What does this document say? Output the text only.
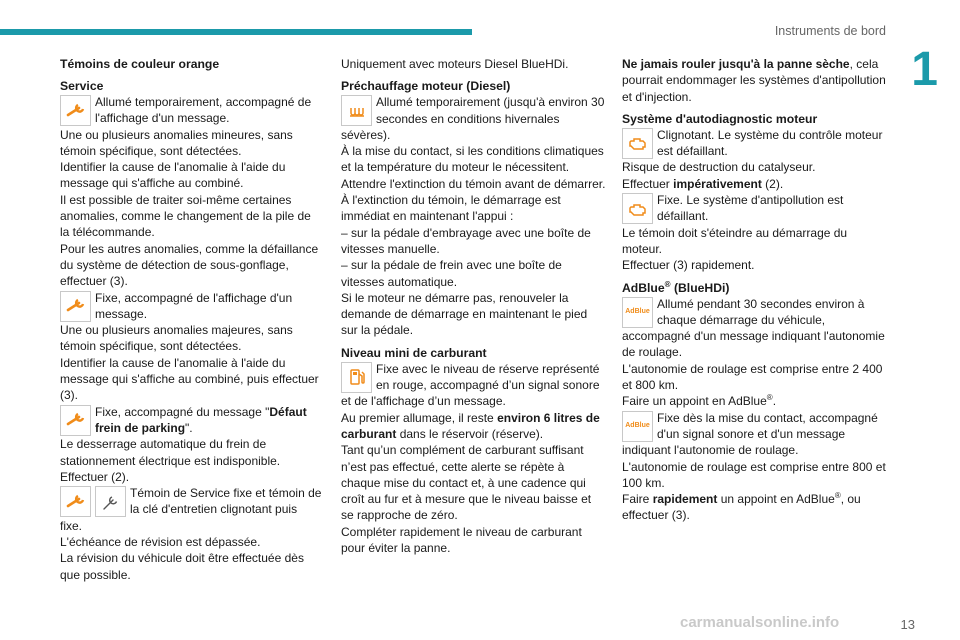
Instruments de bord
1
Témoins de couleur orange
Service
Allumé temporairement, accompagné de l'affichage d'un message.

Une ou plusieurs anomalies mineures, sans témoin spécifique, sont détectées.

Identifier la cause de l'anomalie à l'aide du message qui s'affiche au combiné.

Il est possible de traiter soi-même certaines anomalies, comme le changement de la pile de la télécommande.

Pour les autres anomalies, comme la défaillance du système de détection de sous-gonflage, effectuer (3).

Fixe, accompagné de l'affichage d'un message.

Une ou plusieurs anomalies majeures, sans témoin spécifique, sont détectées.

Identifier la cause de l'anomalie à l'aide du message qui s'affiche au combiné, puis effectuer (3).

Fixe, accompagné du message "Défaut frein de parking".

Le desserrage automatique du frein de stationnement électrique est indisponible.

Effectuer (2).

Témoin de Service fixe et témoin de la clé d'entretien clignotant puis fixe.

L'échéance de révision est dépassée.

La révision du véhicule doit être effectuée dès que possible.

Uniquement avec moteurs Diesel BlueHDi.

Préchauffage moteur (Diesel)
Allumé temporairement (jusqu'à environ 30 secondes en conditions hivernales sévères).

À la mise du contact, si les conditions climatiques et la température du moteur le nécessitent.

Attendre l'extinction du témoin avant de démarrer.

À l'extinction du témoin, le démarrage est immédiat en maintenant l'appui :

– sur la pédale d'embrayage avec une boîte de vitesses manuelle.

– sur la pédale de frein avec une boîte de vitesses automatique.

Si le moteur ne démarre pas, renouveler la demande de démarrage en maintenant le pied sur la pédale.

Niveau mini de carburant
Fixe avec le niveau de réserve représenté en rouge, accompagné d’un signal sonore et de l'affichage d’un message.

Au premier allumage, il reste environ 6 litres de carburant dans le réservoir (réserve).

Tant qu’un complément de carburant suffisant n’est pas effectué, cette alerte se répète à chaque mise du contact et, à une cadence qui croît au fur et à mesure que le niveau baisse et se rapproche de zéro.

Compléter rapidement le niveau de carburant pour éviter la panne.

Ne jamais rouler jusqu'à la panne sèche, cela pourrait endommager les systèmes d'antipollution et d'injection.

Système d'autodiagnostic moteur
Clignotant. Le système du contrôle moteur est défaillant.

Risque de destruction du catalyseur.

Effectuer impérativement (2).

Fixe. Le système d'antipollution est défaillant.

Le témoin doit s'éteindre au démarrage du moteur.

Effectuer (3) rapidement.

AdBlue® (BlueHDi)
AdBlue
Allumé pendant 30 secondes environ à chaque démarrage du véhicule, accompagné d'un message indiquant l'autonomie de roulage.

L'autonomie de roulage est comprise entre 2 400 et 800 km.

Faire un appoint en AdBlue®.

AdBlue
Fixe dès la mise du contact, accompagné d'un signal sonore et d'un message indiquant l'autonomie de roulage.

L'autonomie de roulage est comprise entre 800 et 100 km.

Faire rapidement un appoint en AdBlue®, ou effectuer (3).

carmanualsonline.info	13
